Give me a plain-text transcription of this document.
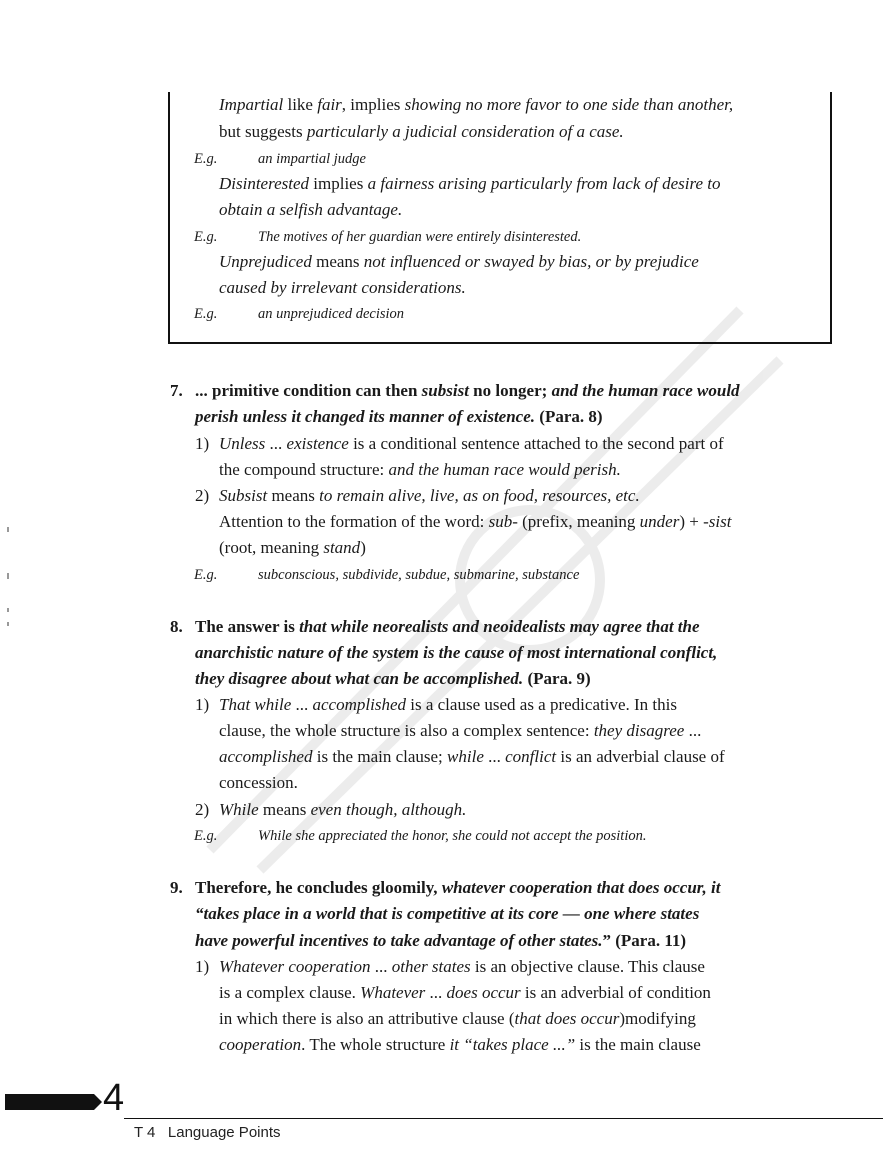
Impartial like fair, implies showing no more favor to one side than another,
but suggests particularly a judicial consideration of a case.
E.g.	an impartial judge
Disinterested implies a fairness arising particularly from lack of desire to
obtain a selfish advantage.
E.g.	The motives of her guardian were entirely disinterested.
Unprejudiced means not influenced or swayed by bias, or by prejudice
caused by irrelevant considerations.
E.g.	an unprejudiced decision
7. ... primitive condition can then subsist no longer; and the human race would
perish unless it changed its manner of existence. (Para. 8)
1) Unless ... existence is a conditional sentence attached to the second part of
the compound structure: and the human race would perish.
2) Subsist means to remain alive, live, as on food, resources, etc.
Attention to the formation of the word: sub- (prefix, meaning under) + -sist
(root, meaning stand)
E.g.	subconscious, subdivide, subdue, submarine, substance
8. The answer is that while neorealists and neoidealists may agree that the
anarchistic nature of the system is the cause of most international conflict,
they disagree about what can be accomplished. (Para. 9)
1) That while ... accomplished is a clause used as a predicative. In this
clause, the whole structure is also a complex sentence: they disagree ...
accomplished is the main clause; while ... conflict is an adverbial clause of
concession.
2) While means even though, although.
E.g.	While she appreciated the honor, she could not accept the position.
9. Therefore, he concludes gloomily, whatever cooperation that does occur, it
“takes place in a world that is competitive at its core — one where states
have powerful incentives to take advantage of other states.” (Para. 11)
1) Whatever cooperation ... other states is an objective clause. This clause
is a complex clause. Whatever ... does occur is an adverbial of condition
in which there is also an attributive clause (that does occur)modifying
cooperation. The whole structure it “takes place ...” is the main clause
4
T 4   Language Points
